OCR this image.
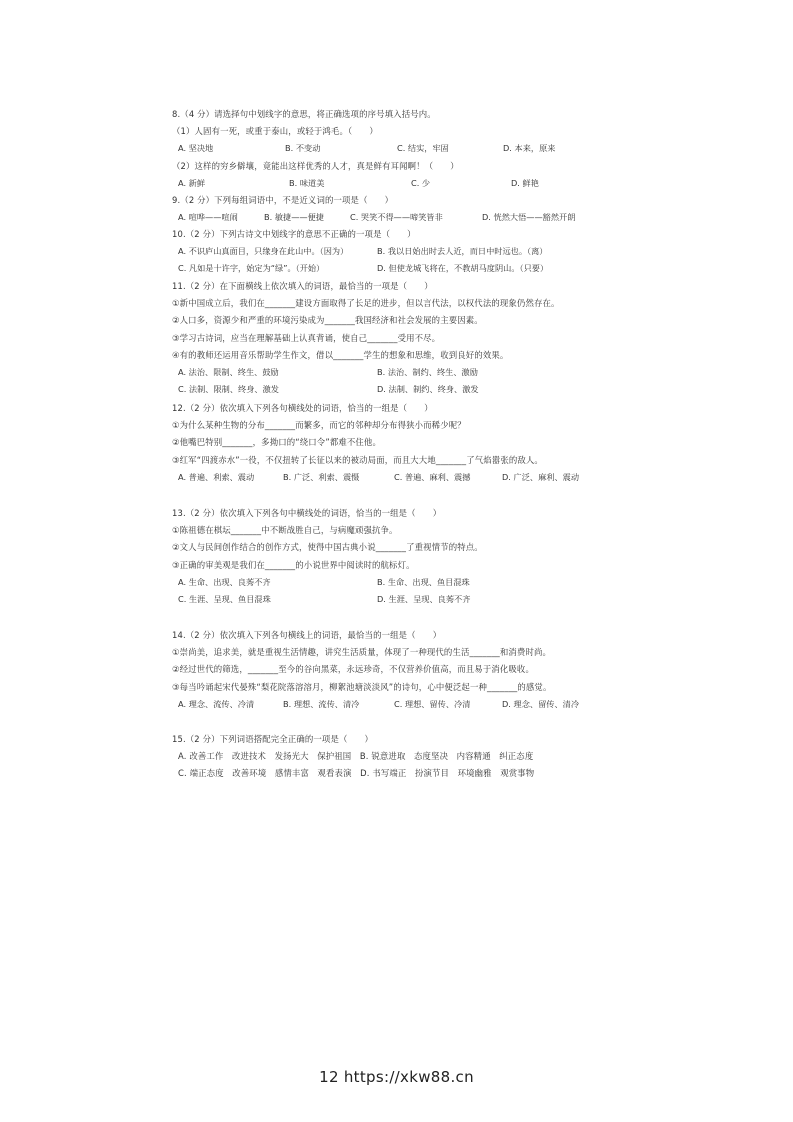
8.（4 分）请选择句中划线字的意思，将正确选项的序号填入括号内。
（1）人固有一死，或重于泰山，或轻于鸿毛。（　　）
A. 坚决地	B. 不变动	C. 结实，牢固	D. 本来，原来
（2）这样的穷乡僻壤，竟能出这样优秀的人才，真是鲜有耳闻啊！（　　）
A. 新鲜	B. 味道美	C. 少	D. 鲜艳
9.（2 分）下列每组词语中，不是近义词的一项是（　　）
A. 喧哗——喧闹	B. 敏捷——便捷	C. 哭笑不得——啼笑皆非	D. 恍然大悟——豁然开朗
10.（2 分）下列古诗文中划线字的意思不正确的一项是（　　）
A. 不识庐山真面目，只缘身在此山中。（因为）	B. 我以日始出时去人近，而日中时远也。（离）
C. 凡如是十许字，始定为“绿”。（开始）	D. 但使龙城飞将在，不教胡马度阴山。（只要）
11.（2 分）在下面横线上依次填入的词语，最恰当的一项是（　　）
①新中国成立后，我们在_______建设方面取得了长足的进步，但以言代法，以权代法的现象仍然存在。
②人口多，资源少和严重的环境污染成为_______我国经济和社会发展的主要因素。
③学习古诗词，应当在理解基础上认真背诵，使自己_______受用不尽。
④有的教师还运用音乐帮助学生作文，借以_______学生的想象和思维，收到良好的效果。
A. 法治、限制、终生、鼓励	B. 法治、制约、终生、激励
C. 法制、限制、终身、激发	D. 法制、制约、终身、激发
12.（2 分）依次填入下列各句横线处的词语，恰当的一组是（　　）
①为什么某种生物的分布_______而繁多，而它的邻种却分布得狭小而稀少呢？
②他嘴巴特别_______，多拗口的“绕口令”都难不住他。
③红军“四渡赤水”一役，不仅扭转了长征以来的被动局面，而且大大地_______了气焰嚣张的敌人。
A. 普遍、利索、震动	B. 广泛、利索、震慑	C. 普遍、麻利、震撼	D. 广泛、麻利、震动
13.（2 分）依次填入下列各句中横线处的词语，恰当的一组是（　　）
①陈祖德在棋坛_______中不断战胜自己，与病魔顽强抗争。
②文人与民间创作结合的创作方式，使得中国古典小说_______了重视情节的特点。
③正确的审美观是我们在_______的小说世界中阅读时的航标灯。
A. 生命、出现、良莠不齐	B. 生命、出现、鱼目混珠
C. 生涯、呈现、鱼目混珠	D. 生涯、呈现、良莠不齐
14.（2 分）依次填入下列各句横线上的词语，最恰当的一组是（　　）
①崇尚美，追求美，就是重视生活情趣，讲究生活质量，体现了一种现代的生活_______和消费时尚。
②经过世代的筛选，_______至今的谷向黑菜，永远珍奇，不仅营养价值高，而且易于消化吸收。
③每当吟诵起宋代晏殊“梨花院落溶溶月，柳絮池塘淡淡风”的诗句，心中便泛起一种_______的感觉。
A. 理念、流传、冷清	B. 理想、流传、清冷	C. 理想、留传、冷清	D. 理念、留传、清冷
15.（2 分）下列词语搭配完全正确的一项是（　　）
A. 改善工作　改进技术　发扬光大　保护祖国　B. 锐意进取　态度坚决　内容精通　纠正态度
C. 端正态度　改善环境　感情丰富　观看表演　D. 书写端正　扮演节目　环境幽雅　观赏事物
12 https://xkw88.cn
